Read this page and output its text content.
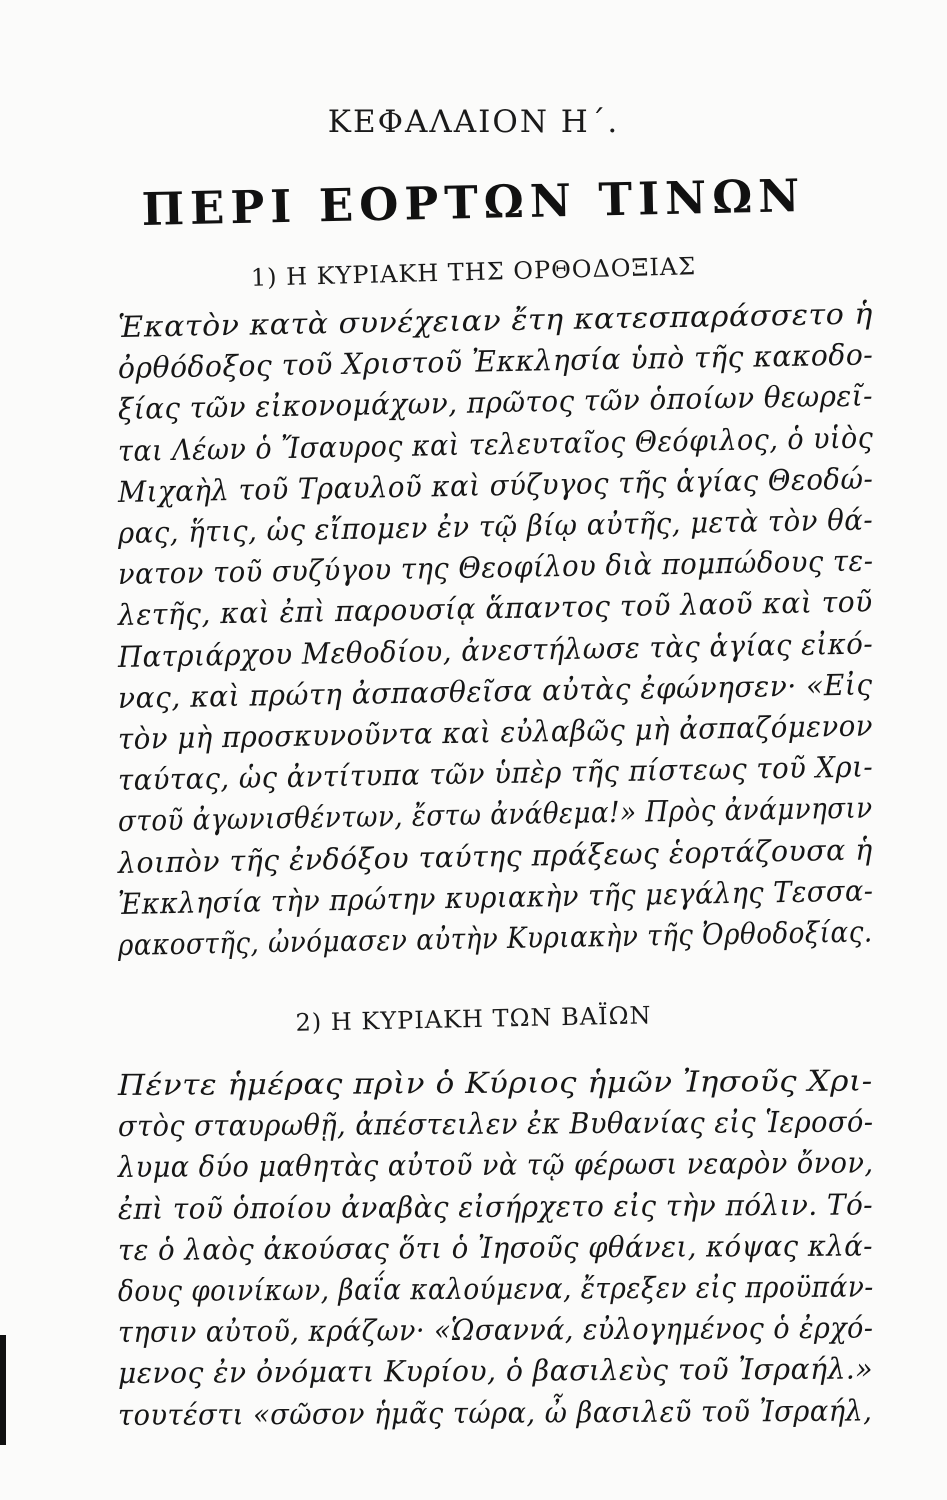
ΚΕΦΑΛΑΙΟΝ Η΄.
ΠΕΡΙ ΕΟΡΤΩΝ ΤΙΝΩΝ
1) Η ΚΥΡΙΑΚΗ ΤΗΣ ΟΡΘΟΔΟΞΙΑΣ
2) Η ΚΥΡΙΑΚΗ ΤΩΝ ΒΑΪΩΝ
Ἑκατὸν κατὰ συνέχειαν ἔτη κατεσπαράσσετο ἡ
ὀρθόδοξος τοῦ Χριστοῦ Ἐκκλησία ὑπὸ τῆς κακοδο-
ξίας τῶν εἰκονομάχων, πρῶτος τῶν ὁποίων θεωρεῖ-
ται Λέων ὁ Ἴσαυρος καὶ τελευταῖος Θεόφιλος, ὁ υἱὸς
Μιχαὴλ τοῦ Τραυλοῦ καὶ σύζυγος τῆς ἁγίας Θεοδώ-
ρας, ἥτις, ὡς εἴπομεν ἐν τῷ βίῳ αὐτῆς, μετὰ τὸν θά-
νατον τοῦ συζύγου της Θεοφίλου διὰ πομπώδους τε-
λετῆς, καὶ ἐπὶ παρουσίᾳ ἅπαντος τοῦ λαοῦ καὶ τοῦ
Πατριάρχου Μεθοδίου, ἀνεστήλωσε τὰς ἁγίας εἰκό-
νας, καὶ πρώτη ἀσπασθεῖσα αὐτὰς ἐφώνησεν· «Εἰς
τὸν μὴ προσκυνοῦντα καὶ εὐλαβῶς μὴ ἀσπαζόμενον
ταύτας, ὡς ἀντίτυπα τῶν ὑπὲρ τῆς πίστεως τοῦ Χρι-
στοῦ ἀγωνισθέντων, ἔστω ἀνάθεμα!» Πρὸς ἀνάμνησιν
λοιπὸν τῆς ἐνδόξου ταύτης πράξεως ἑορτάζουσα ἡ
Ἐκκλησία τὴν πρώτην κυριακὴν τῆς μεγάλης Τεσσα-
ρακοστῆς, ὠνόμασεν αὐτὴν Κυριακὴν τῆς Ὀρθοδοξίας.
Πέντε ἡμέρας πρὶν ὁ Κύριος ἡμῶν Ἰησοῦς Χρι-
στὸς σταυρωθῇ, ἀπέστειλεν ἐκ Βυθανίας εἰς Ἱεροσό-
λυμα δύο μαθητὰς αὐτοῦ νὰ τῷ φέρωσι νεαρὸν ὄνον,
ἐπὶ τοῦ ὁποίου ἀναβὰς εἰσήρχετο εἰς τὴν πόλιν. Τό-
τε ὁ λαὸς ἀκούσας ὅτι ὁ Ἰησοῦς φθάνει, κόψας κλά-
δους φοινίκων, βαΐα καλούμενα, ἔτρεξεν εἰς προϋπάν-
τησιν αὐτοῦ, κράζων· «Ὡσαννά, εὐλογημένος ὁ ἐρχό-
μενος ἐν ὀνόματι Κυρίου, ὁ βασιλεὺς τοῦ Ἰσραήλ.»
τουτέστι «σῶσον ἡμᾶς τώρα, ὦ βασιλεῦ τοῦ Ἰσραήλ,
